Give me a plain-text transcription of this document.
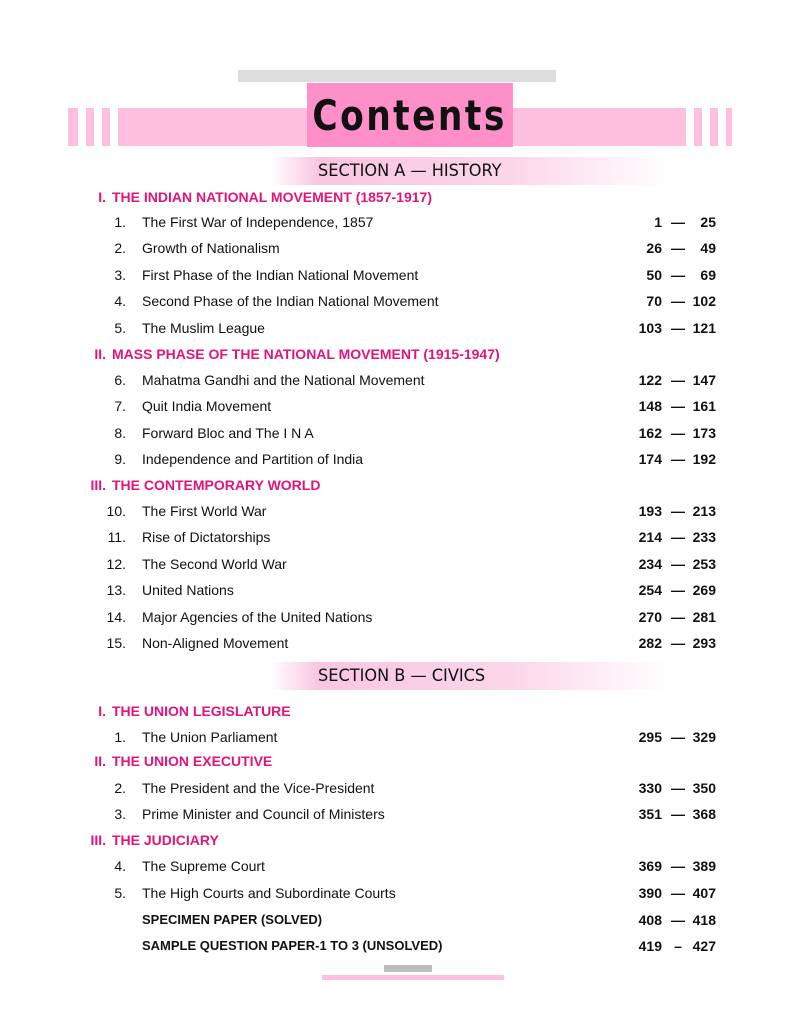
Contents
SECTION A — HISTORY
I. THE INDIAN NATIONAL MOVEMENT (1857-1917)
1. The First War of Independence, 1857	1 — 25
2. Growth of Nationalism	26 — 49
3. First Phase of the Indian National Movement	50 — 69
4. Second Phase of the Indian National Movement	70 — 102
5. The Muslim League	103 — 121
II. MASS PHASE OF THE NATIONAL MOVEMENT (1915-1947)
6. Mahatma Gandhi and the National Movement	122 — 147
7. Quit India Movement	148 — 161
8. Forward Bloc and The I N A	162 — 173
9. Independence and Partition of India	174 — 192
III. THE CONTEMPORARY WORLD
10. The First World War	193 — 213
11. Rise of Dictatorships	214 — 233
12. The Second World War	234 — 253
13. United Nations	254 — 269
14. Major Agencies of the United Nations	270 — 281
15. Non-Aligned Movement	282 — 293
SECTION B — CIVICS
I. THE UNION LEGISLATURE
1. The Union Parliament	295 — 329
II. THE UNION EXECUTIVE
2. The President and the Vice-President	330 — 350
3. Prime Minister and Council of Ministers	351 — 368
III. THE JUDICIARY
4. The Supreme Court	369 — 389
5. The High Courts and Subordinate Courts	390 — 407
SPECIMEN PAPER (SOLVED)	408 — 418
SAMPLE QUESTION PAPER-1 TO 3 (UNSOLVED)	419 – 427
